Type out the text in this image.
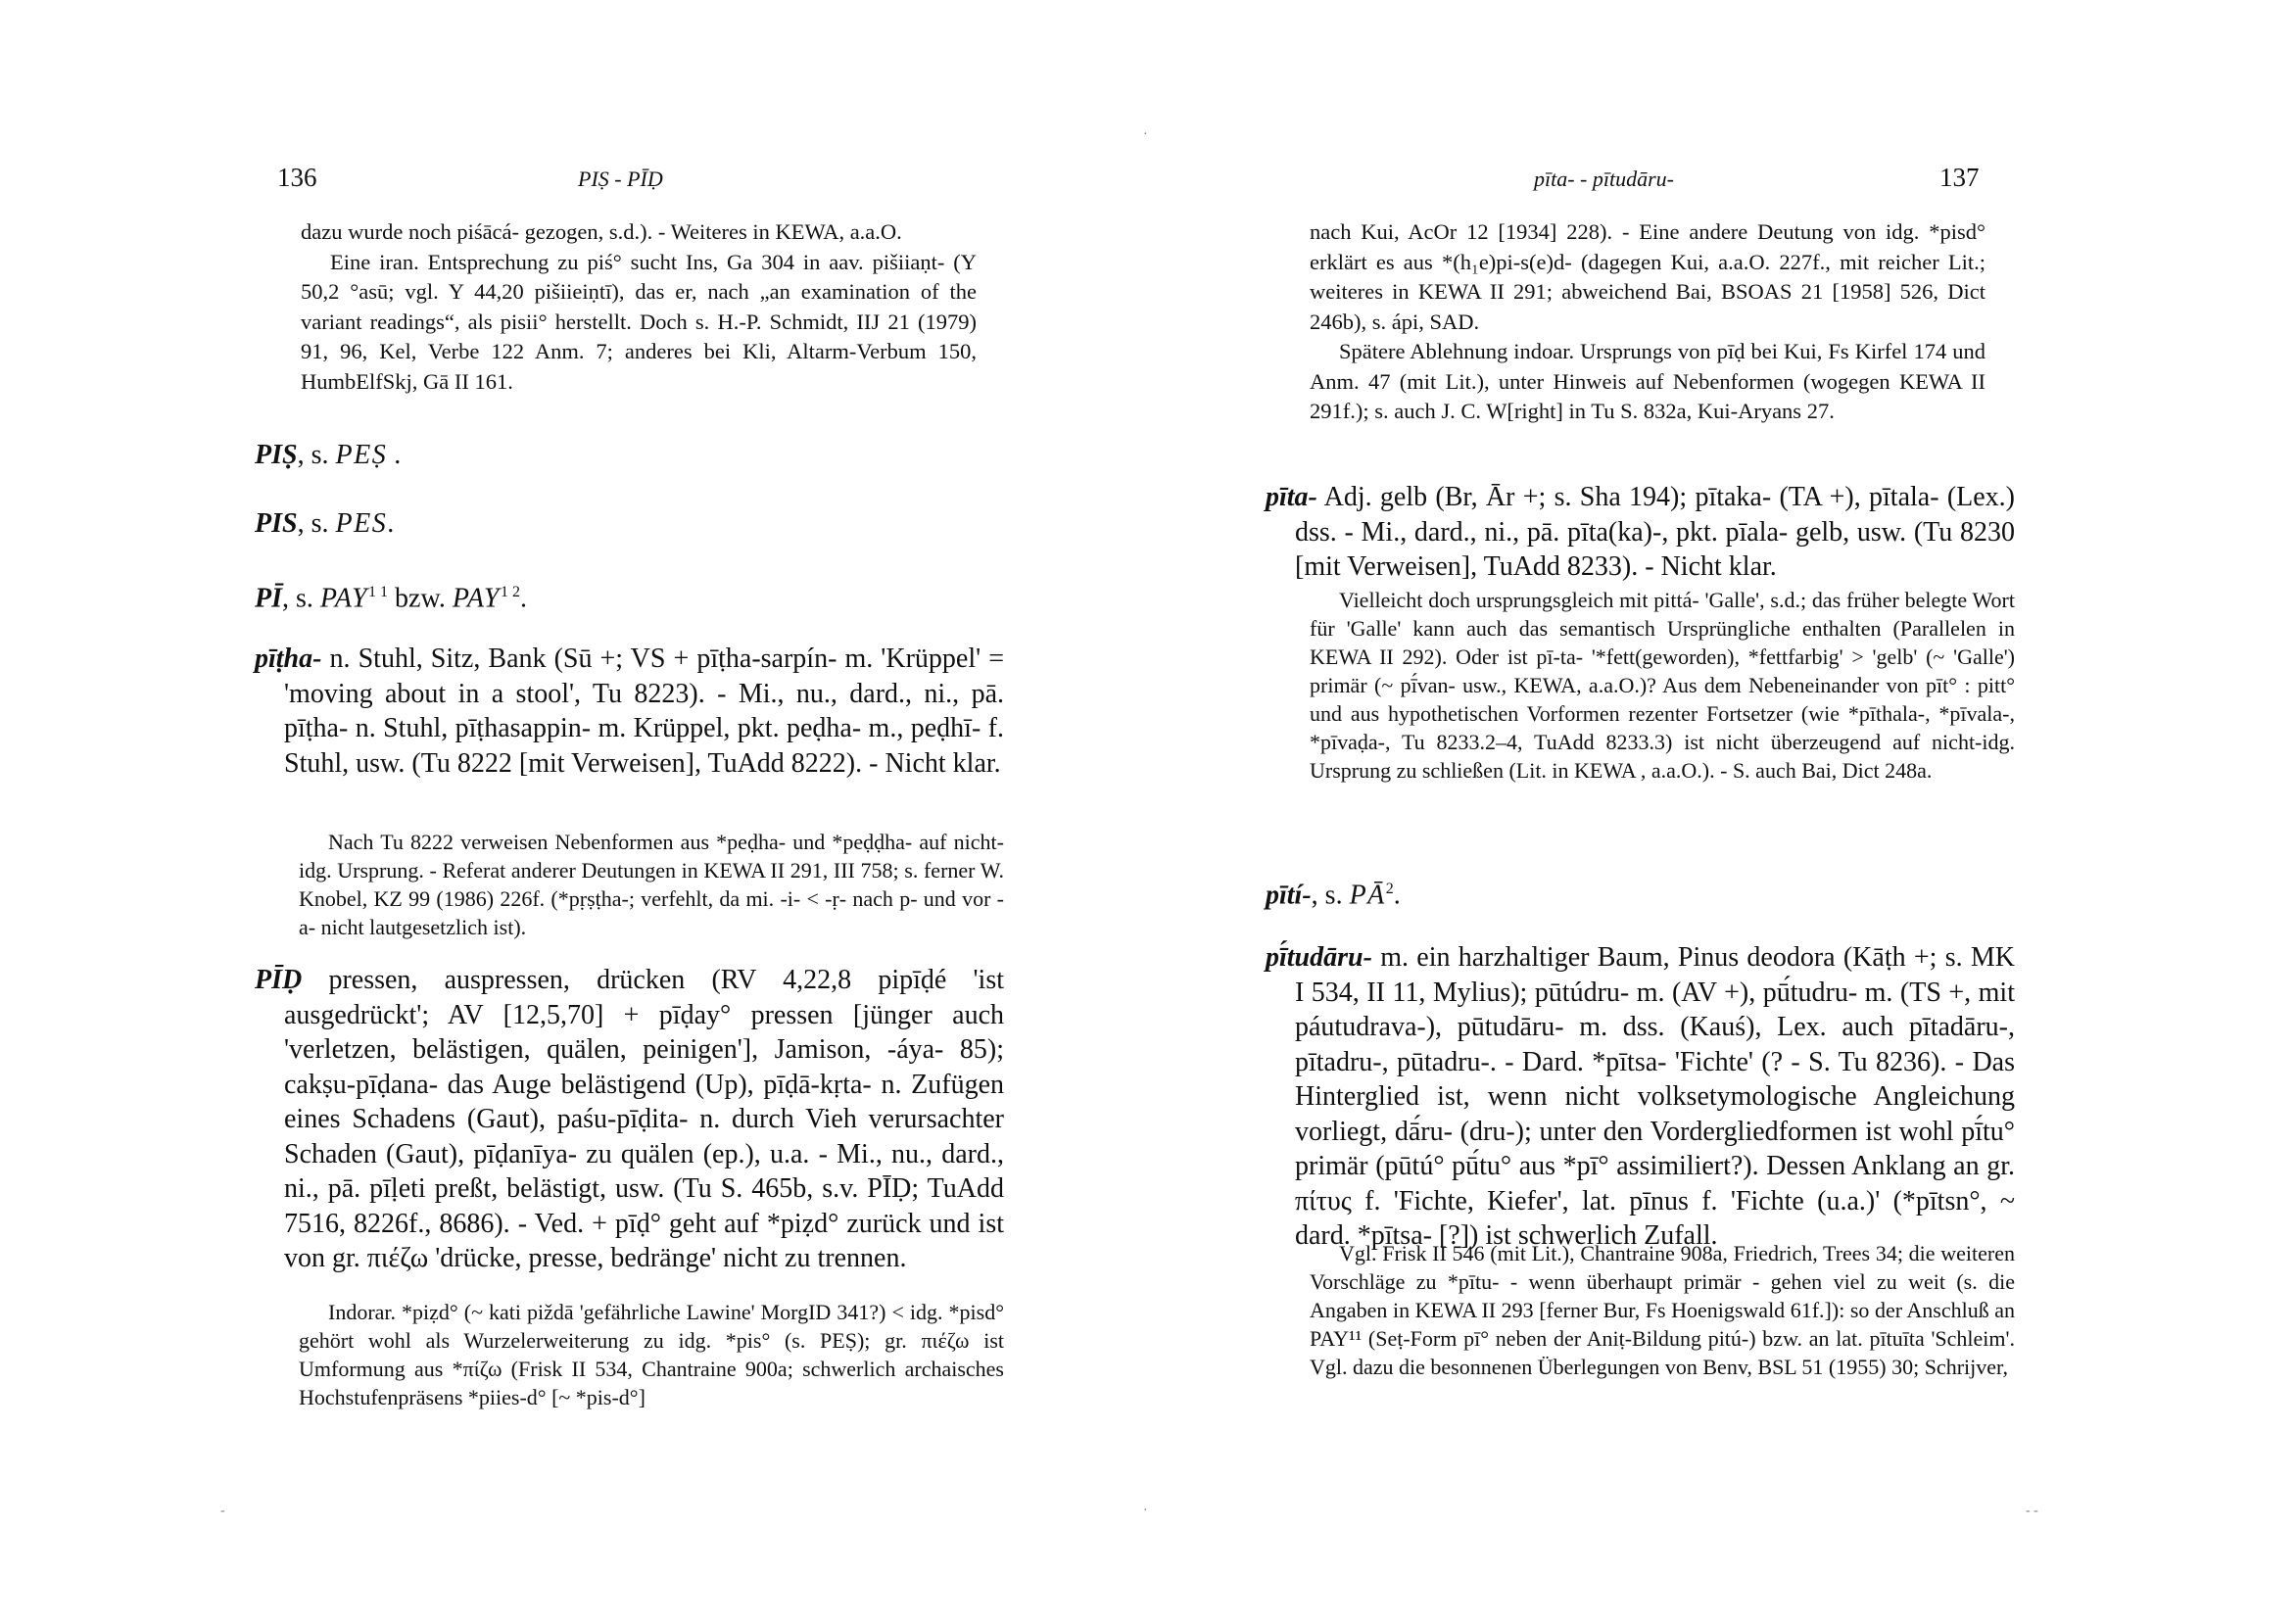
136	PIṢ - PĪḌ

dazu wurde noch piśācá- gezogen, s.d.). - Weiteres in KEWA, a.a.O.

Eine iran. Entsprechung zu piś° sucht Ins, Ga 304 in aav. pišiiaṇt- (Y 50,2 °asū; vgl. Y 44,20 pišiieiṇtī), das er, nach „an examination of the variant readings“, als pisii° herstellt. Doch s. H.-P. Schmidt, IIJ 21 (1979) 91, 96, Kel, Verbe 122 Anm. 7; anderes bei Kli, Altarm-Verbum 150, HumbElfSkj, Gā II 161.

PIṢ, s. PEṢ .
PIS, s. PES.
PĪ, s. $PAY^{1 1}$ bzw. $PAY^{1 2}$.
pīṭha- n. Stuhl, Sitz, Bank (Sū +; VS + pīṭha-sarpín- m. 'Krüppel' = 'moving about in a stool', Tu 8223). - Mi., nu., dard., ni., pā. pīṭha- n. Stuhl, pīṭhasappin- m. Krüppel, pkt. peḍha- m., peḍhī- f. Stuhl, usw. (Tu 8222 [mit Verweisen], TuAdd 8222). - Nicht klar.
Nach Tu 8222 verweisen Nebenformen aus *peḍha- und *peḍḍha- auf nicht-idg. Ursprung. - Referat anderer Deutungen in KEWA II 291, III 758; s. ferner W. Knobel, KZ 99 (1986) 226f. (*pṛṣṭha-; verfehlt, da mi. -i- < -ṛ- nach p- und vor -a- nicht lautgesetzlich ist).
PĪḌ pressen, auspressen, drücken (RV 4,22,8 pipīḍé 'ist ausgedrückt'; AV [12,5,70] + pīḍay° pressen [jünger auch 'verletzen, belästigen, quälen, peinigen'], Jamison, -áya- 85); cakṣu-pīḍana- das Auge belästigend (Up), pīḍā-kṛta- n. Zufügen eines Schadens (Gaut), paśu-pīḍita- n. durch Vieh verursachter Schaden (Gaut), pīḍanīya- zu quälen (ep.), u.a. - Mi., nu., dard., ni., pā. pīḷeti preßt, belästigt, usw. (Tu S. 465b, s.v. PĪḌ; TuAdd 7516, 8226f., 8686). - Ved. + pīḍ° geht auf *piẓd° zurück und ist von gr. πιέζω 'drücke, presse, bedränge' nicht zu trennen.
Indorar. *piẓd° (~ kati piždā 'gefährliche Lawine' MorgID 341?) < idg. *pisd° gehört wohl als Wurzelerweiterung zu idg. *pis° (s. PEṢ); gr. πιέζω ist Umformung aus *πίζω (Frisk II 534, Chantraine 900a; schwerlich archaisches Hochstufenpräsens *piies-d° [~ *pis-d°]
-
137
pīta- - pītudāru-

nach Kui, AcOr 12 [1934] 228). - Eine andere Deutung von idg. *pisd° erklärt es aus *(h₁e)pi-s(e)d- (dagegen Kui, a.a.O. 227f., mit reicher Lit.; weiteres in KEWA II 291; abweichend Bai, BSOAS 21 [1958] 526, Dict 246b), s. ápi, SAD.

Spätere Ablehnung indoar. Ursprungs von pīḍ bei Kui, Fs Kirfel 174 und Anm. 47 (mit Lit.), unter Hinweis auf Nebenformen (wogegen KEWA II 291f.); s. auch J. C. W[right] in Tu S. 832a, Kui-Aryans 27.

pīta- Adj. gelb (Br, Ār +; s. Sha 194); pītaka- (TA +), pītala- (Lex.) dss. - Mi., dard., ni., pā. pīta(ka)-, pkt. pīala- gelb, usw. (Tu 8230 [mit Verweisen], TuAdd 8233). - Nicht klar.
Vielleicht doch ursprungsgleich mit pittá- 'Galle', s.d.; das früher belegte Wort für 'Galle' kann auch das semantisch Ursprüngliche enthalten (Parallelen in KEWA II 292). Oder ist pī-ta- '*fett(geworden), *fettfarbig' > 'gelb' (~ 'Galle') primär (~ pī́van- usw., KEWA, a.a.O.)? Aus dem Nebeneinander von pīt° : pitt° und aus hypothetischen Vorformen rezenter Fortsetzer (wie *pīthala-, *pīvala-, *pīvaḍa-, Tu 8233.2–4, TuAdd 8233.3) ist nicht überzeugend auf nicht-idg. Ursprung zu schließen (Lit. in KEWA , a.a.O.). - S. auch Bai, Dict 248a.
pītí-, s. $PĀ^2$.
pī́tudāru- m. ein harzhaltiger Baum, Pinus deodora (Kāṭh +; s. MK I 534, II 11, Mylius); pūtúdru- m. (AV +), pū́tudru- m. (TS +, mit páutudrava-), pūtudāru- m. dss. (Kauś), Lex. auch pītadāru-, pītadru-, pūtadru-. - Dard. *pītsa- 'Fichte' (? - S. Tu 8236). - Das Hinterglied ist, wenn nicht volksetymologische Angleichung vorliegt, dā́ru- (dru-); unter den Vordergliedformen ist wohl pī́tu° primär (pūtú° pū́tu° aus *pī° assimiliert?). Dessen Anklang an gr. πίτυς f. 'Fichte, Kiefer', lat. pīnus f. 'Fichte (u.a.)' (*pītsn°, ~ dard. *pītsa- [?]) ist schwerlich Zufall.
Vgl. Frisk II 546 (mit Lit.), Chantraine 908a, Friedrich, Trees 34; die weiteren Vorschläge zu *pītu- - wenn überhaupt primär - gehen viel zu weit (s. die Angaben in KEWA II 293 [ferner Bur, Fs Hoenigswald 61f.]): so der Anschluß an PAY¹¹ (Seṭ-Form pī° neben der Aniṭ-Bildung pitú-) bzw. an lat. pītuīta 'Schleim'. Vgl. dazu die besonnenen Überlegungen von Benv, BSL 51 (1955) 30; Schrijver,
- -
·
·
